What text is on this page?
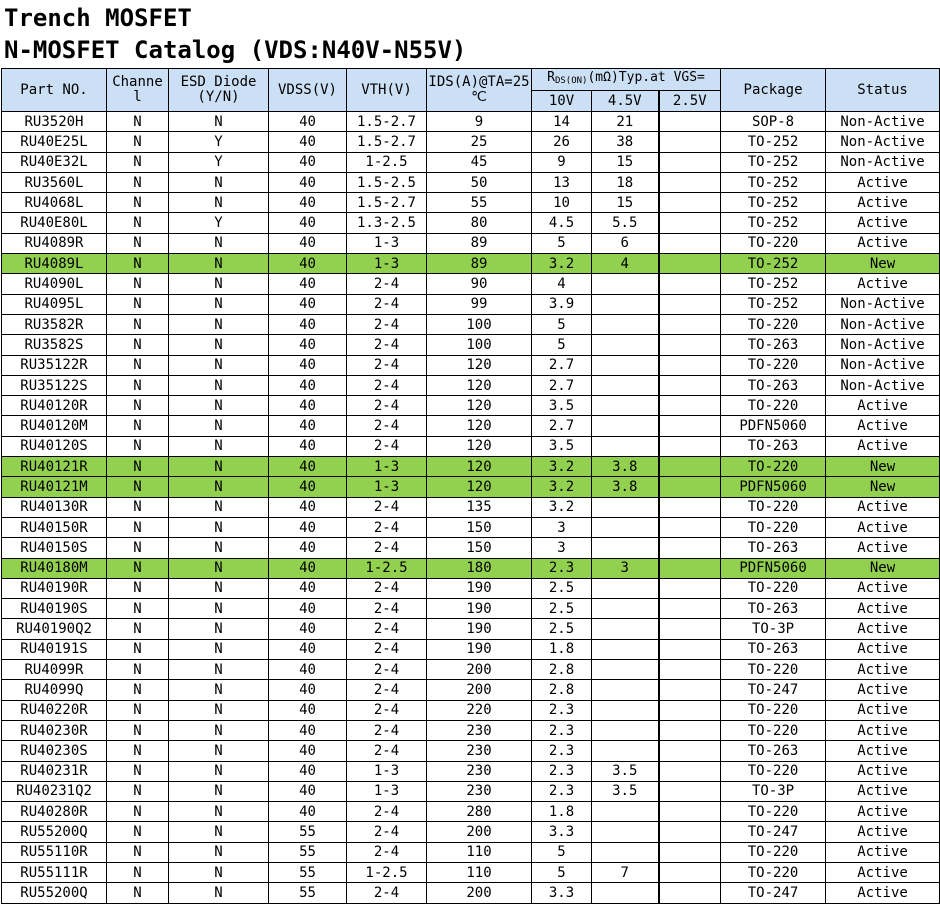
Trench MOSFET
N-MOSFET Catalog (VDS:N40V-N55V)
Part NO.	Channe l	ESD Diode (Y/N)	VDSS(V)	VTH(V)	IDS(A)@TA=25 ℃	$R_{DS(ON)}(m\Omega)Typ.at$ VGS=			Package	Status
						10V	4.5V	2.5V		
RU3520H	N	N	40	1.5-2.7	9	14	21		SOP-8	Non-Active
RU40E25L	N	Y	40	1.5-2.7	25	26	38		TO-252	Non-Active
RU40E32L	N	Y	40	1-2.5	45	9	15		TO-252	Non-Active
RU3560L	N	N	40	1.5-2.5	50	13	18		TO-252	Active
RU4068L	N	N	40	1.5-2.7	55	10	15		TO-252	Active
RU40E80L	N	Y	40	1.3-2.5	80	4.5	5.5		TO-252	Active
RU4089R	N	N	40	1-3	89	5	6		TO-220	Active
RU4089L	N	N	40	1-3	89	3.2	4		TO-252	New
RU4090L	N	N	40	2-4	90	4			TO-252	Active
RU4095L	N	N	40	2-4	99	3.9			TO-252	Non-Active
RU3582R	N	N	40	2-4	100	5			TO-220	Non-Active
RU3582S	N	N	40	2-4	100	5			TO-263	Non-Active
RU35122R	N	N	40	2-4	120	2.7			TO-220	Non-Active
RU35122S	N	N	40	2-4	120	2.7			TO-263	Non-Active
RU40120R	N	N	40	2-4	120	3.5			TO-220	Active
RU40120M	N	N	40	2-4	120	2.7			PDFN5060	Active
RU40120S	N	N	40	2-4	120	3.5			TO-263	Active
RU40121R	N	N	40	1-3	120	3.2	3.8		TO-220	New
RU40121M	N	N	40	1-3	120	3.2	3.8		PDFN5060	New
RU40130R	N	N	40	2-4	135	3.2			TO-220	Active
RU40150R	N	N	40	2-4	150	3			TO-220	Active
RU40150S	N	N	40	2-4	150	3			TO-263	Active
RU40180M	N	N	40	1-2.5	180	2.3	3		PDFN5060	New
RU40190R	N	N	40	2-4	190	2.5			TO-220	Active
RU40190S	N	N	40	2-4	190	2.5			TO-263	Active
RU40190Q2	N	N	40	2-4	190	2.5			TO-3P	Active
RU40191S	N	N	40	2-4	190	1.8			TO-263	Active
RU4099R	N	N	40	2-4	200	2.8			TO-220	Active
RU4099Q	N	N	40	2-4	200	2.8			TO-247	Active
RU40220R	N	N	40	2-4	220	2.3			TO-220	Active
RU40230R	N	N	40	2-4	230	2.3			TO-220	Active
RU40230S	N	N	40	2-4	230	2.3			TO-263	Active
RU40231R	N	N	40	1-3	230	2.3	3.5		TO-220	Active
RU40231Q2	N	N	40	1-3	230	2.3	3.5		TO-3P	Active
RU40280R	N	N	40	2-4	280	1.8			TO-220	Active
RU55200Q	N	N	55	2-4	200	3.3			TO-247	Active
RU55110R	N	N	55	2-4	110	5			TO-220	Active
RU55111R	N	N	55	1-2.5	110	5	7		TO-220	Active
RU55200Q	N	N	55	2-4	200	3.3			TO-247	Active
